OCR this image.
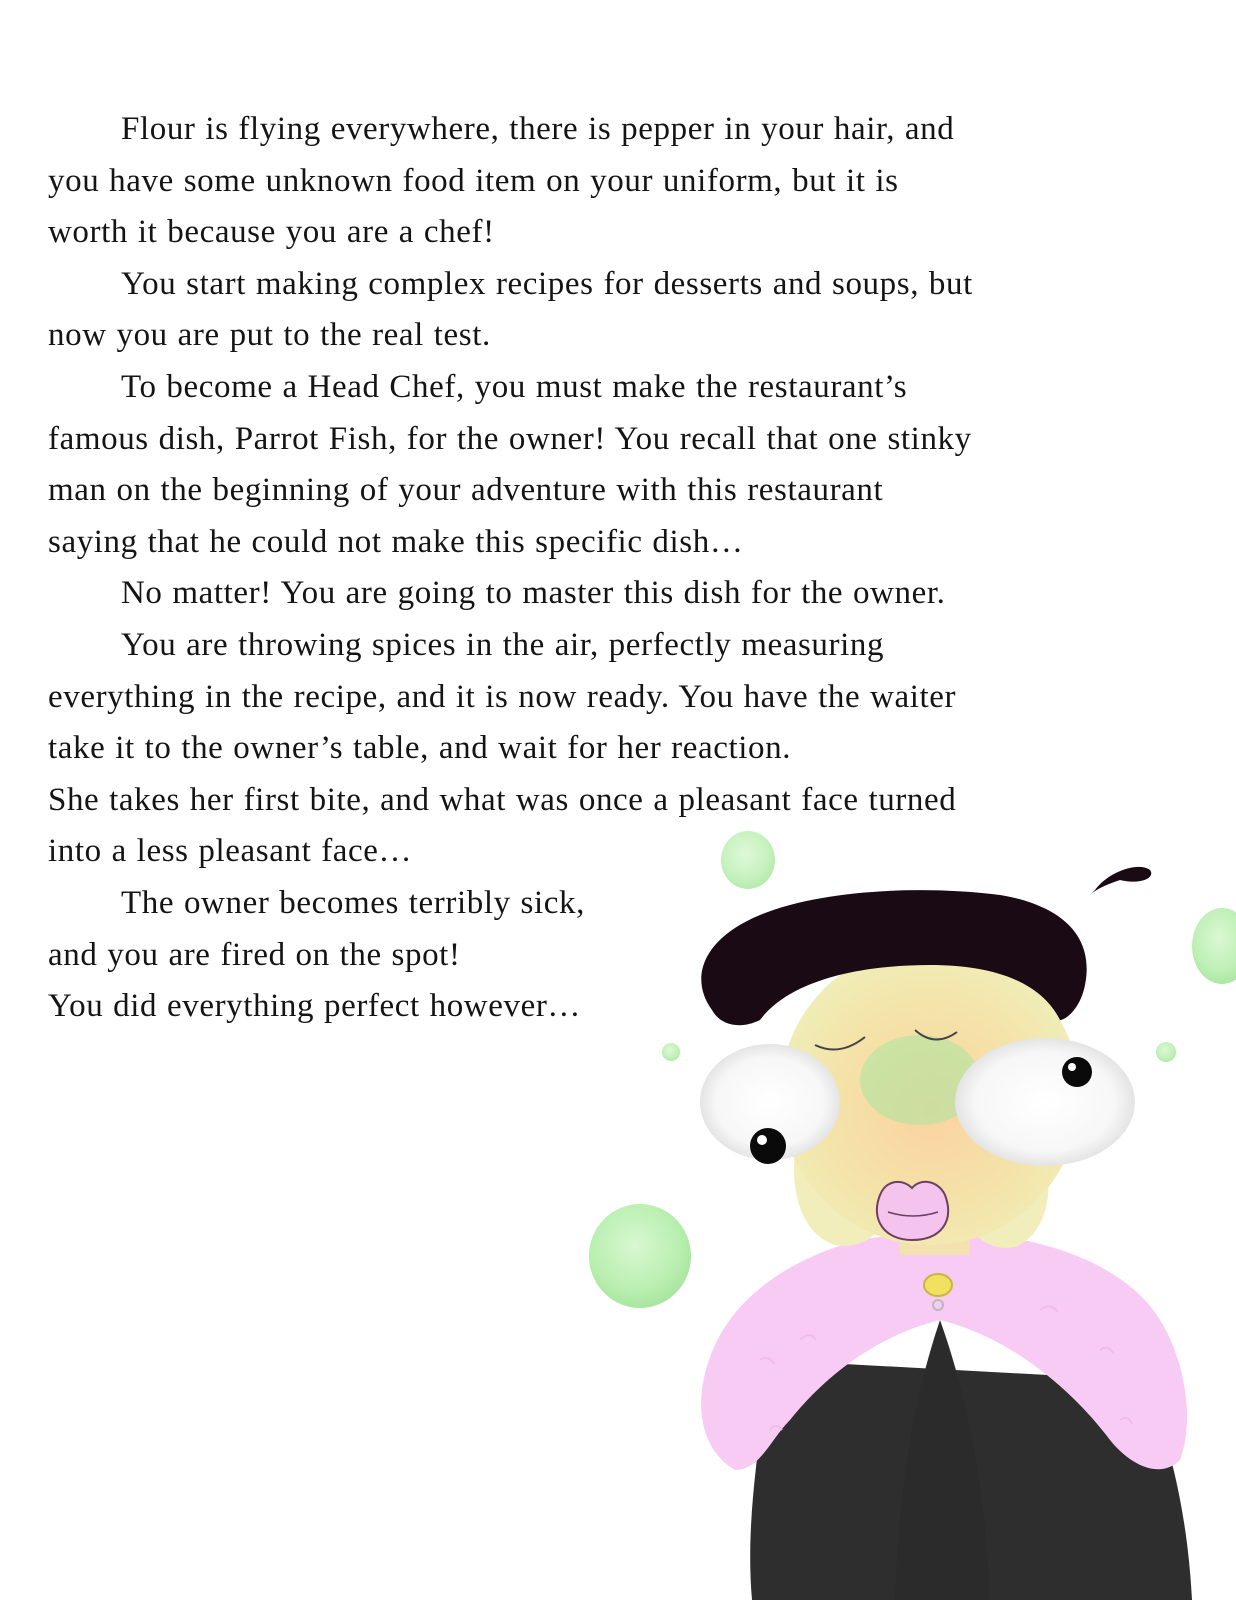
Flour is flying everywhere, there is pepper in your hair, and
you have some unknown food item on your uniform, but it is
worth it because you are a chef!
You start making complex recipes for desserts and soups, but
now you are put to the real test.
To become a Head Chef, you must make the restaurant’s
famous dish, Parrot Fish, for the owner! You recall that one stinky
man on the beginning of your adventure with this restaurant
saying that he could not make this specific dish…
No matter! You are going to master this dish for the owner.
You are throwing spices in the air, perfectly measuring
everything in the recipe, and it is now ready. You have the waiter
take it to the owner’s table, and wait for her reaction.
She takes her first bite, and what was once a pleasant face turned
into a less pleasant face…
The owner becomes terribly sick,
and you are fired on the spot!
You did everything perfect however…
